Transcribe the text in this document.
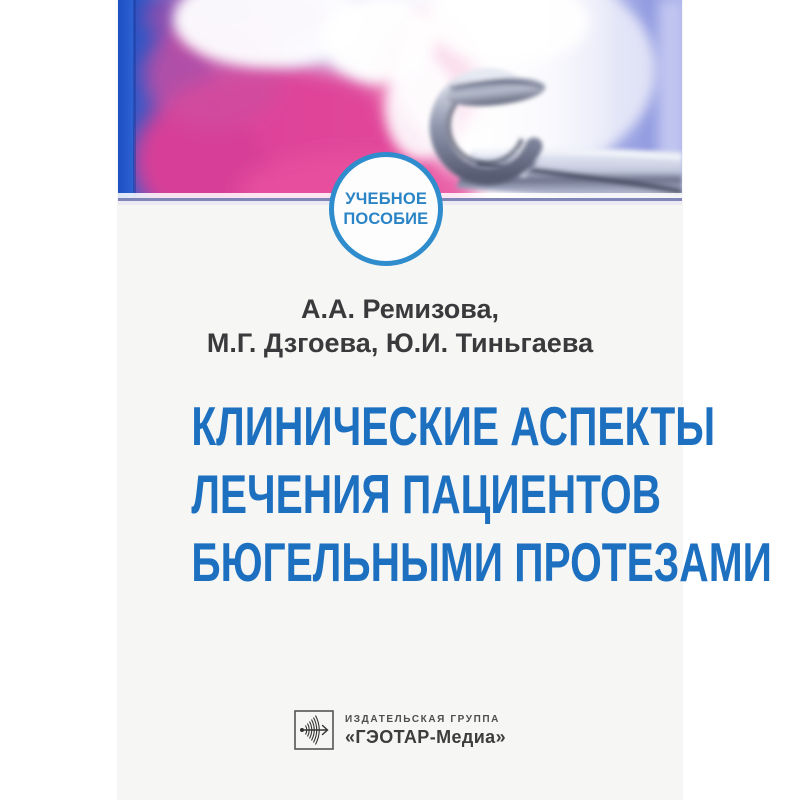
УЧЕБНОЕ
ПОСОБИЕ
А.А. Ремизова,
М.Г. Дзгоева, Ю.И. Тиньгаева
КЛИНИЧЕСКИЕ АСПЕКТЫ
ЛЕЧЕНИЯ ПАЦИЕНТОВ
БЮГЕЛЬНЫМИ ПРОТЕЗАМИ
ИЗДАТЕЛЬСКАЯ ГРУППА
«ГЭОТАР-Медиа»
